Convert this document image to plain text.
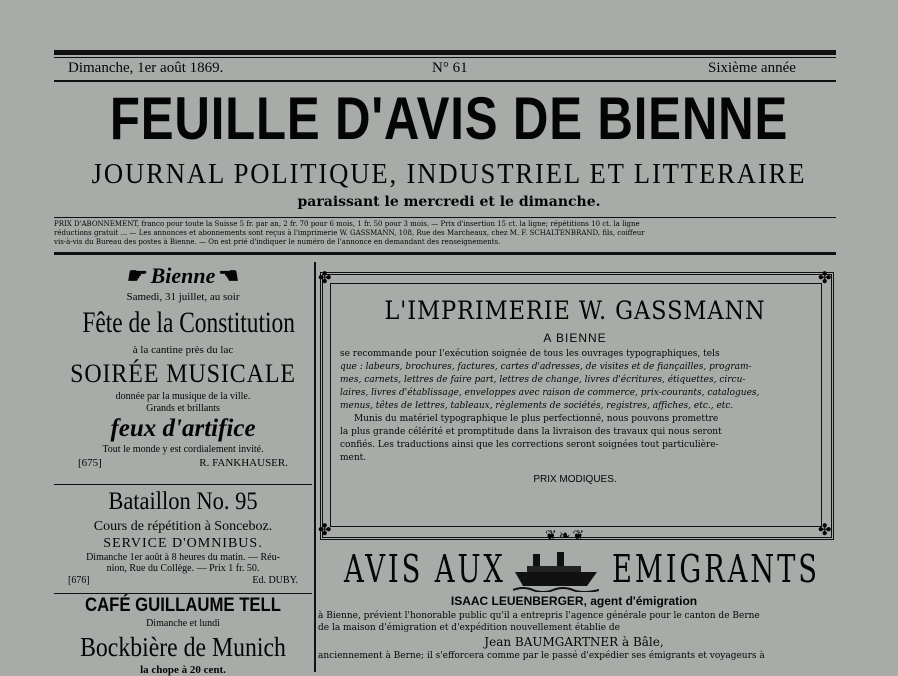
Dimanche, 1er août 1869.	N° 61	Sixième année
FEUILLE D'AVIS DE BIENNE
JOURNAL POLITIQUE, INDUSTRIEL ET LITTERAIRE
paraissant le mercredi et le dimanche.
PRIX D'ABONNEMENT, franco pour toute la Suisse 5 fr. par an, 2 fr. 70 pour 6 mois, 1 fr. 50 pour 3 mois. — Prix d'insertion 15 ct. la ligne; répétitions 10 ct. la ligne
réductions gratuit ... — Les annonces et abonnements sont reçus à l'imprimerie W. GASSMANN, 108, Rue des Marcheaux, chez M. F. SCHALTENBRAND, fils, coiffeur
vis-à-vis du Bureau des postes à Bienne. — On est prié d'indiquer le numéro de l'annonce en demandant des renseignements.
☛ Bienne ☛
Samedi, 31 juillet, au soir
Fête de la Constitution
à la cantine près du lac
SOIRÉE MUSICALE
donnée par la musique de la ville.
Grands et brillants
feux d'artifice
Tout le monde y est cordialement invité.
[675]	R. FANKHAUSER.
Bataillon No. 95
Cours de répétition à Sonceboz.
SERVICE D'OMNIBUS.
Dimanche 1er août à 8 heures du matin. — Réu-
nion, Rue du Collège. — Prix 1 fr. 50.
[676]	Ed. DUBY.
CAFÉ GUILLAUME TELL
Dimanche et lundi
Bockbière de Munich
la chope à 20 cent.
✤	✤
✤	✤
L'IMPRIMERIE W. GASSMANN
A BIENNE
se recommande pour l'exécution soignée de tous les ouvrages typographiques, tels
que : labeurs, brochures, factures, cartes d'adresses, de visites et de fiançailles, program-
mes, carnets, lettres de faire part, lettres de change, livres d'écritures, étiquettes, circu-
laires, livres d'établissage, enveloppes avec raison de commerce, prix-courants, catalogues,
menus, têtes de lettres, tableaux, règlements de sociétés, registres, affiches, etc., etc.
Munis du matériel typographique le plus perfectionné, nous pouvons promettre
la plus grande célérité et promptitude dans la livraison des travaux qui nous seront
confiés. Les traductions ainsi que les corrections seront soignées tout particulière-
ment.
PRIX MODIQUES.
❦❧❦
AVIS AUX	EMIGRANTS
ISAAC LEUENBERGER, agent d'émigration
à Bienne, prévient l'honorable public qu'il a entrepris l'agence générale pour le canton de Berne
de la maison d'émigration et d'expédition nouvellement établie de
Jean BAUMGARTNER à Bâle,
anciennement à Berne; il s'efforcera comme par le passé d'expédier ses émigrants et voyageurs à
